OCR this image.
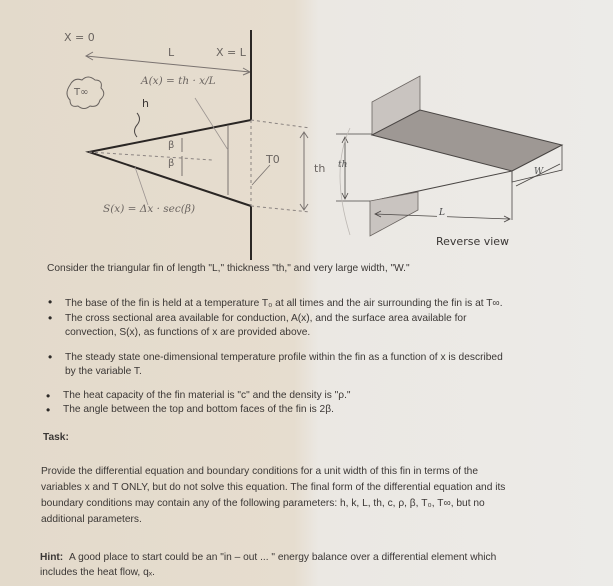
X = 0
L	X = L
A(x) = th · x/L
T∞
h
β
β	T0
th
S(x) = Δx · sec(β)
th
L
W
Reverse view
Consider the triangular fin of length "L," thickness "th," and very large width, "W."
• The base of the fin is held at a temperature T₀ at all times and the air surrounding the fin is at T∞.
• The cross sectional area available for conduction, A(x), and the surface area available for
convection, S(x), as functions of x are provided above.
• The steady state one-dimensional temperature profile within the fin as a function of x is described
by the variable T.
• The heat capacity of the fin material is "c" and the density is "ρ."
• The angle between the top and bottom faces of the fin is 2β.
Task:
Provide the differential equation and boundary conditions for a unit width of this fin in terms of the
variables x and T ONLY, but do not solve this equation. The final form of the differential equation and its
boundary conditions may contain any of the following parameters: h, k, L, th, c, ρ, β, T₀, T∞, but no
additional parameters.
Hint: A good place to start could be an "in – out ... " energy balance over a differential element which
includes the heat flow, qₓ.
